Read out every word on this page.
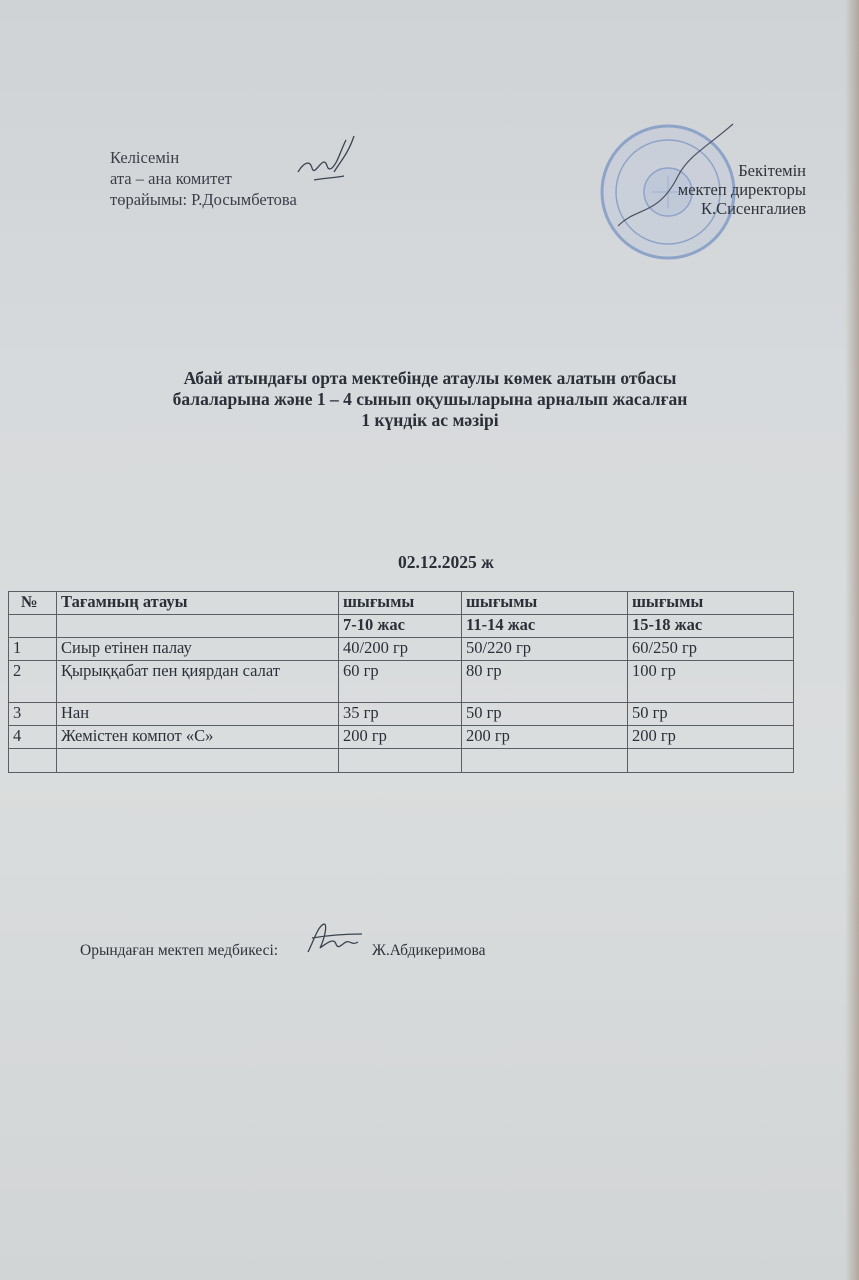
Келісемін
ата – ана комитет
төрайымы: Р.Досымбетова
Бекітемін
мектеп директоры
К.Сисенгалиев
Абай атындағы орта мектебінде атаулы көмек алатын отбасы
балаларына және 1 – 4 сынып оқушыларына арналып жасалған
1 күндік ас мәзірі
02.12.2025 ж
№	Тағамның атауы	шығымы	шығымы	шығымы
		7-10 жас	11-14 жас	15-18 жас
1	Сиыр етінен палау	40/200 гр	50/220 гр	60/250 гр
2	Қырыққабат пен қиярдан салат	60 гр	80 гр	100 гр
3	Нан	35 гр	50 гр	50 гр
4	Жемістен компот «С»	200 гр	200 гр	200 гр

Орындаған мектеп медбикесі:	Ж.Абдикеримова
